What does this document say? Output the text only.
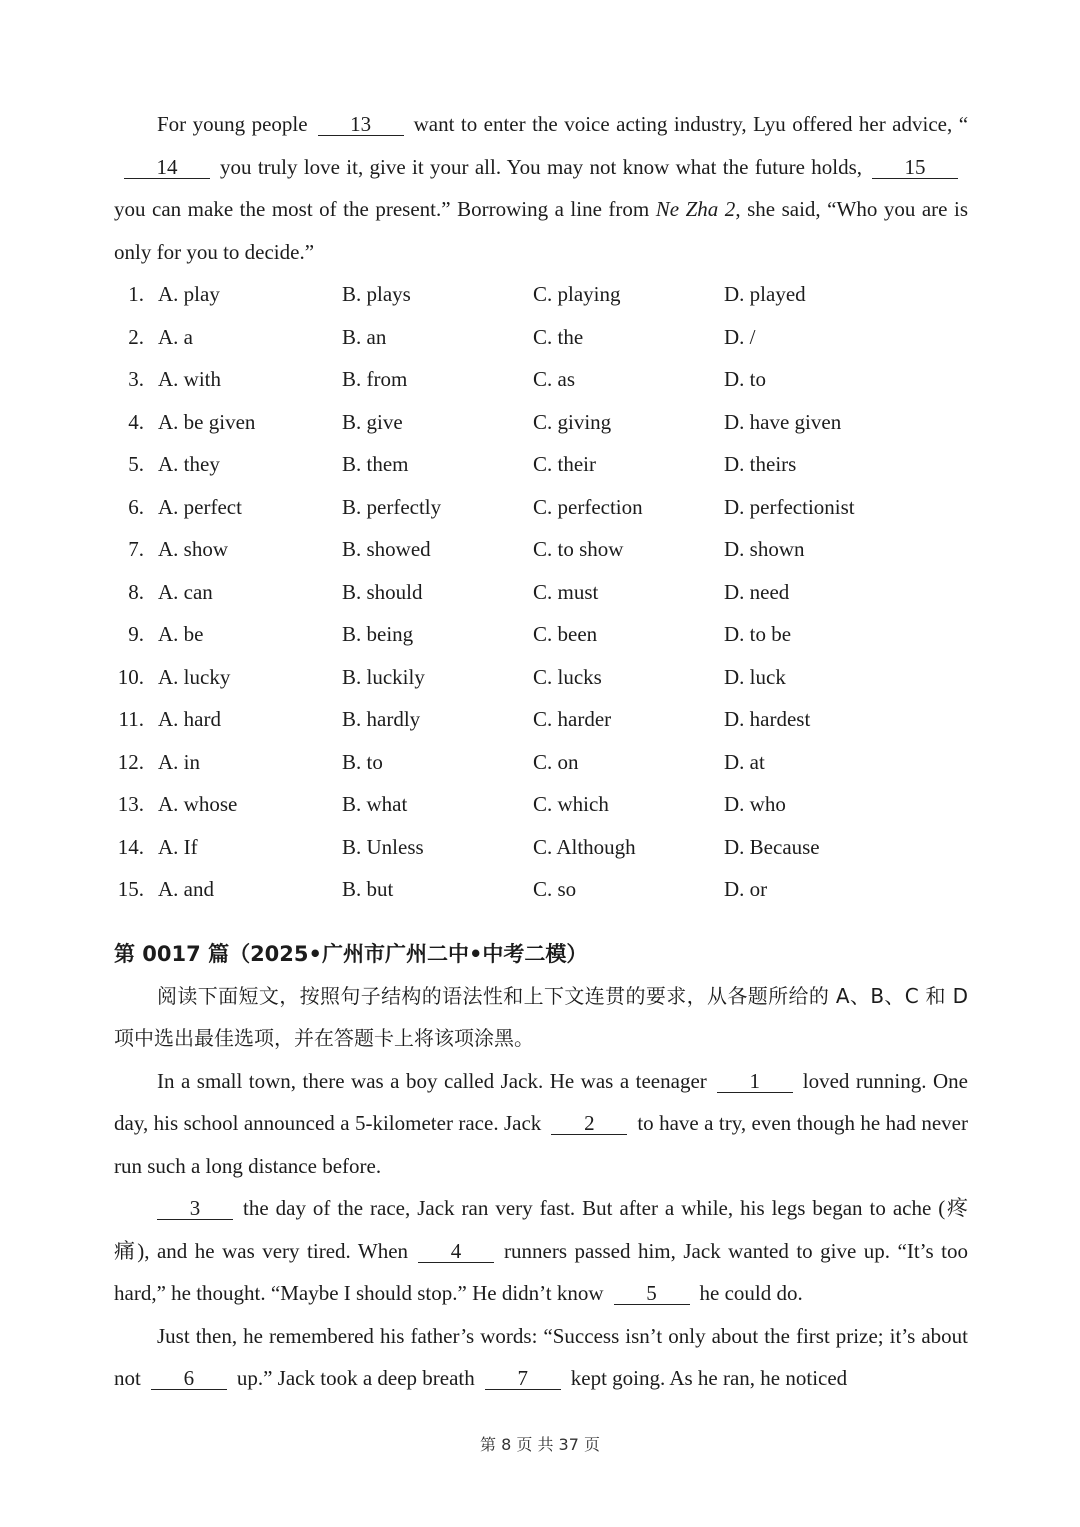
For young people 13 want to enter the voice acting industry, Lyu offered her advice, “14 you truly love it, give it your all. You may not know what the future holds, 15you can make the most of the present.” Borrowing a line from Ne Zha 2, she said, “Who you are is only for you to decide.”

1. A. play	B. plays	C. playing	D. played
2. A. a	B. an	C. the	D. /
3. A. with	B. from	C. as	D. to
4. A. be given	B. give	C. giving	D. have given
5. A. they	B. them	C. their	D. theirs
6. A. perfect	B. perfectly	C. perfection	D. perfectionist
7. A. show	B. showed	C. to show	D. shown
8. A. can	B. should	C. must	D. need
9. A. be	B. being	C. been	D. to be
10. A. lucky	B. luckily	C. lucks	D. luck
11. A. hard	B. hardly	C. harder	D. hardest
12. A. in	B. to	C. on	D. at
13. A. whose	B. what	C. which	D. who
14. A. If	B. Unless	C. Although	D. Because
15. A. and	B. but	C. so	D. or
第 0017 篇（2025•广州市广州二中•中考二模）

阅读下面短文，按照句子结构的语法性和上下文连贯的要求，从各题所给的 A、B、C 和 D 项中选出最佳选项，并在答题卡上将该项涂黑。

In a small town, there was a boy called Jack. He was a teenager 1 loved running. One day, his school announced a 5-kilometer race. Jack 2 to have a try, even though he had never run such a long distance before.

3 the day of the race, Jack ran very fast. But after a while, his legs began to ache (疼痛), and he was very tired. When 4 runners passed him, Jack wanted to give up. “It’s too hard,” he thought. “Maybe I should stop.” He didn’t know 5 he could do.

Just then, he remembered his father’s words: “Success isn’t only about the first prize; it’s about not 6 up.” Jack took a deep breath 7 kept going. As he ran, he noticed

第 8 页 共 37 页
